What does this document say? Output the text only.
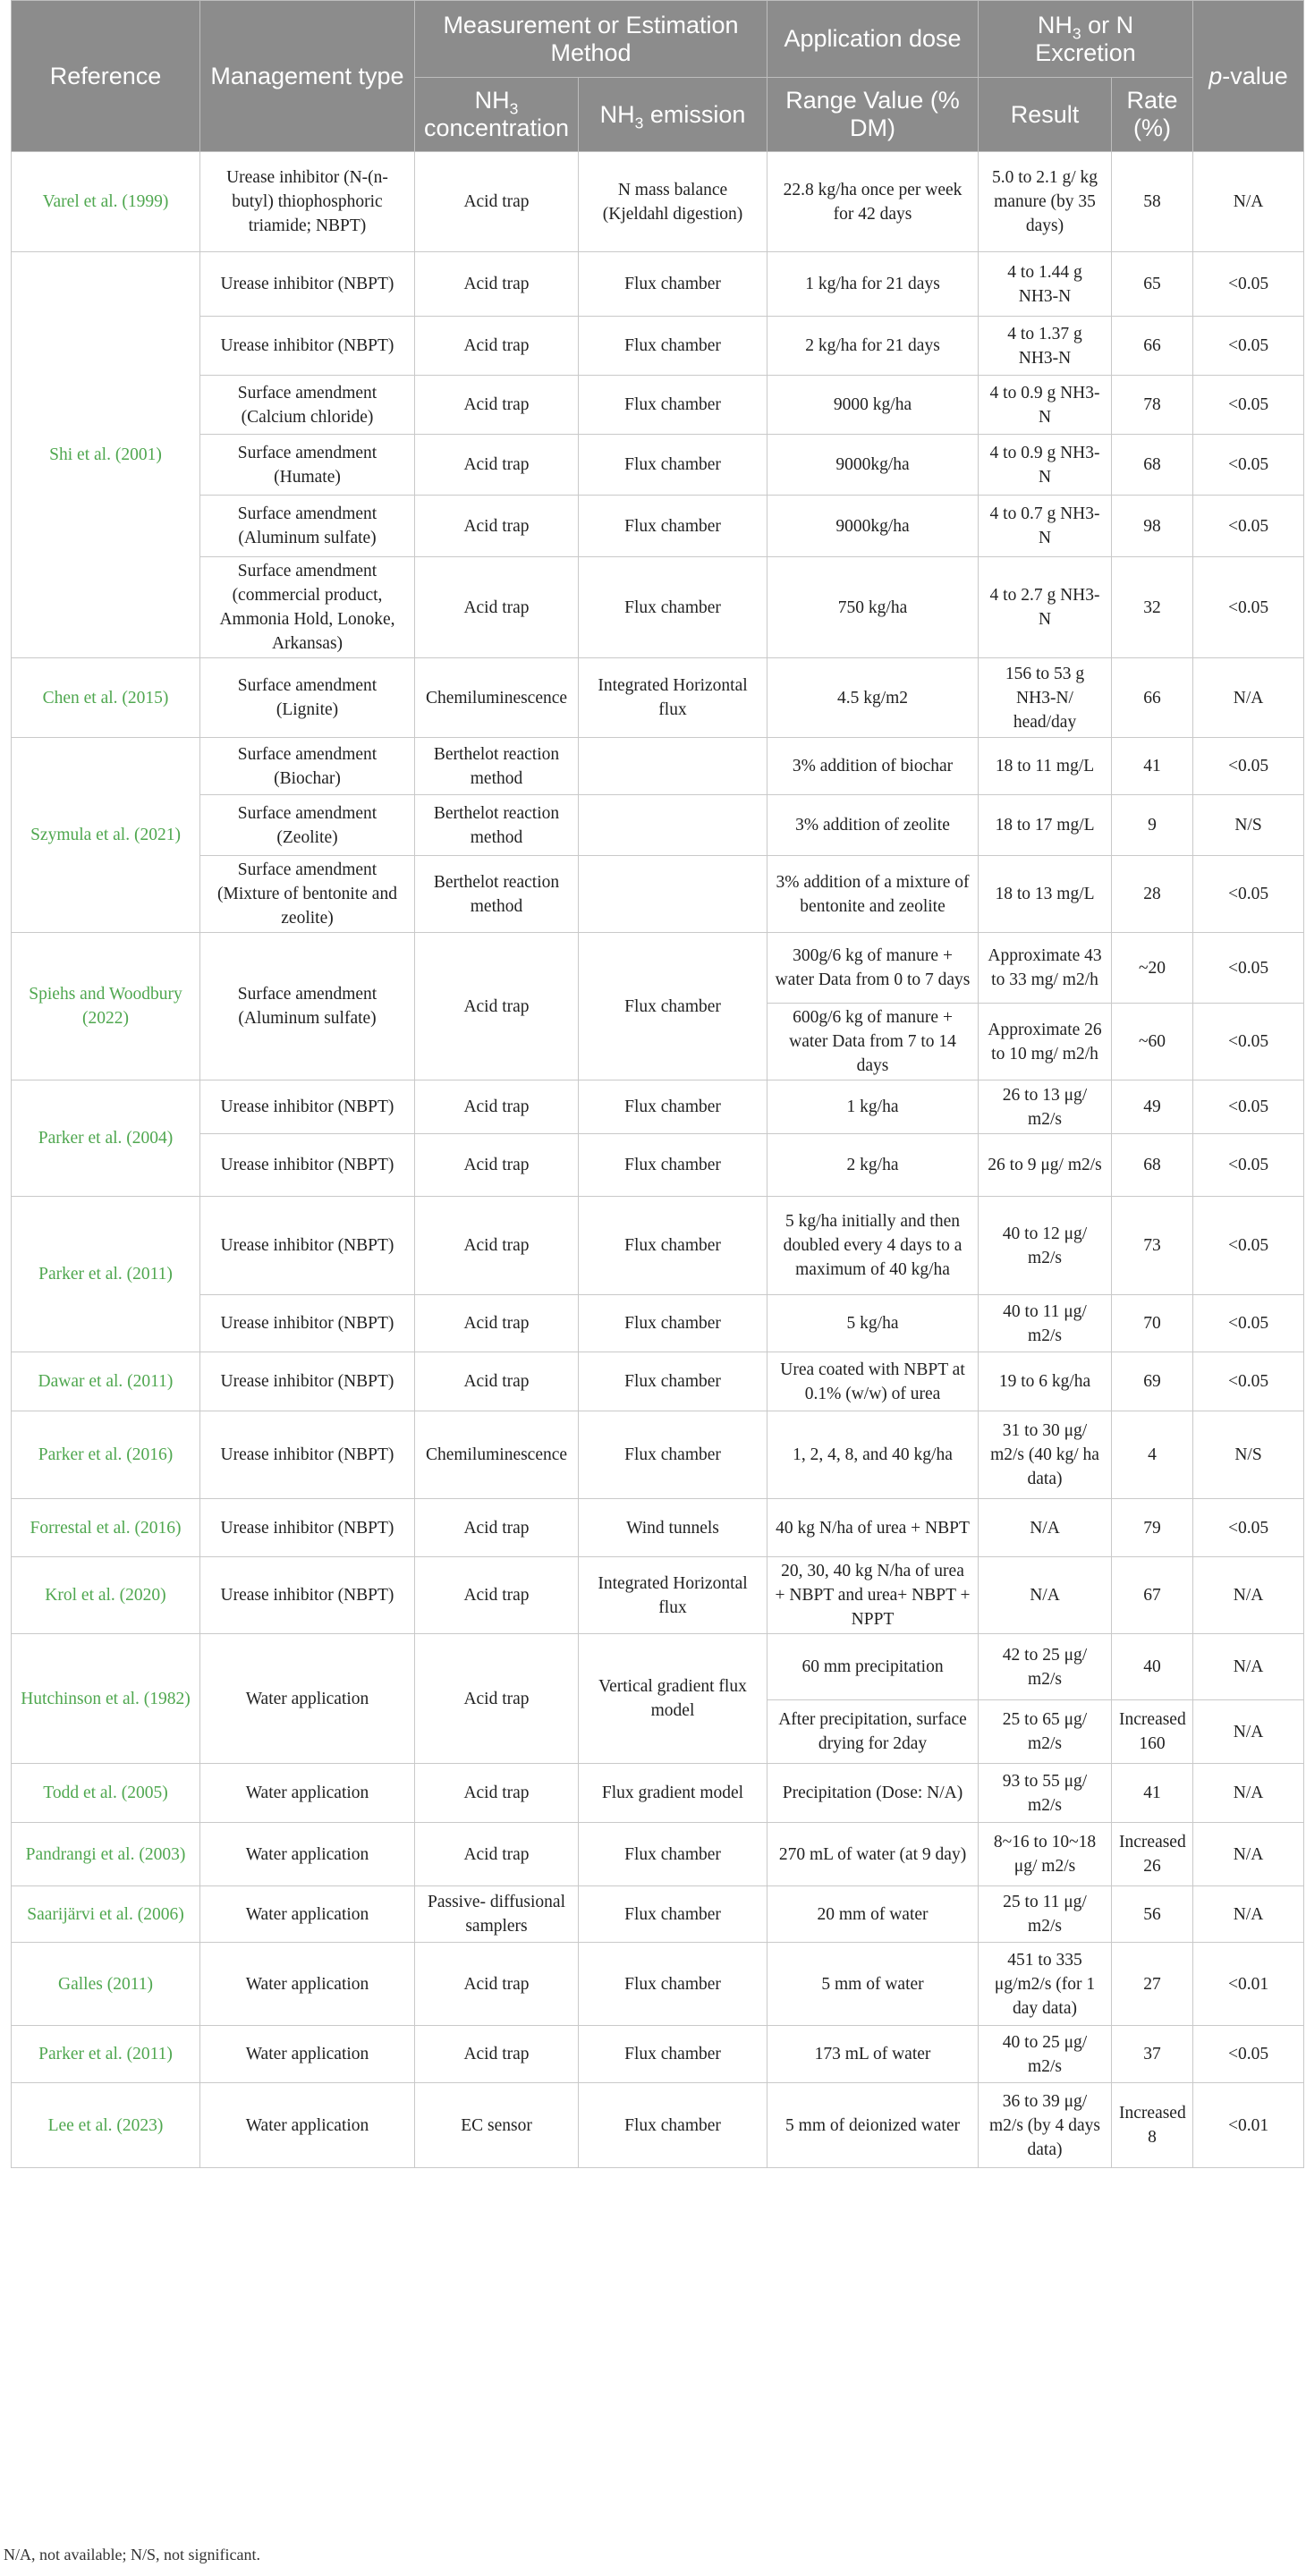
Reference	Management type	Measurement or Estimation Method		Application dose	$NH_3$ or N Excretion		p-value
		$NH_3$ concentration	$NH_3$ emission	Range Value (% DM)	Result	Rate (%)	
Varel et al. (1999)	Urease inhibitor (N-(n-butyl) thiophosphoric triamide; NBPT)	Acid trap	N mass balance (Kjeldahl digestion)	22.8 kg/ha once per week for 42 days	5.0 to 2.1 g/ kg manure (by 35 days)	58	N/A
Shi et al. (2001)	Urease inhibitor (NBPT)	Acid trap	Flux chamber	1 kg/ha for 21 days	4 to 1.44 g NH3-N	65	<0.05
	Urease inhibitor (NBPT)	Acid trap	Flux chamber	2 kg/ha for 21 days	4 to 1.37 g NH3-N	66	<0.05
	Surface amendment (Calcium chloride)	Acid trap	Flux chamber	9000 kg/ha	4 to 0.9 g NH3-N	78	<0.05
	Surface amendment (Humate)	Acid trap	Flux chamber	9000kg/ha	4 to 0.9 g NH3-N	68	<0.05
	Surface amendment (Aluminum sulfate)	Acid trap	Flux chamber	9000kg/ha	4 to 0.7 g NH3-N	98	<0.05
	Surface amendment (commercial product, Ammonia Hold, Lonoke, Arkansas)	Acid trap	Flux chamber	750 kg/ha	4 to 2.7 g NH3-N	32	<0.05
Chen et al. (2015)	Surface amendment (Lignite)	Chemiluminescence	Integrated Horizontal flux	4.5 kg/m2	156 to 53 g NH3-N/ head/day	66	N/A
Szymula et al. (2021)	Surface amendment (Biochar)	Berthelot reaction method		3% addition of biochar	18 to 11 mg/L	41	<0.05
	Surface amendment (Zeolite)	Berthelot reaction method		3% addition of zeolite	18 to 17 mg/L	9	N/S
	Surface amendment (Mixture of bentonite and zeolite)	Berthelot reaction method		3% addition of a mixture of bentonite and zeolite	18 to 13 mg/L	28	<0.05
Spiehs and Woodbury (2022)	Surface amendment (Aluminum sulfate)	Acid trap	Flux chamber	300g/6 kg of manure + water Data from 0 to 7 days	Approximate 43 to 33 mg/ m2/h	~20	<0.05
				600g/6 kg of manure + water Data from 7 to 14 days	Approximate 26 to 10 mg/ m2/h	~60	<0.05
Parker et al. (2004)	Urease inhibitor (NBPT)	Acid trap	Flux chamber	1 kg/ha	26 to 13 μg/ m2/s	49	<0.05
	Urease inhibitor (NBPT)	Acid trap	Flux chamber	2 kg/ha	26 to 9 μg/ m2/s	68	<0.05
Parker et al. (2011)	Urease inhibitor (NBPT)	Acid trap	Flux chamber	5 kg/ha initially and then doubled every 4 days to a maximum of 40 kg/ha	40 to 12 μg/ m2/s	73	<0.05
	Urease inhibitor (NBPT)	Acid trap	Flux chamber	5 kg/ha	40 to 11 μg/ m2/s	70	<0.05
Dawar et al. (2011)	Urease inhibitor (NBPT)	Acid trap	Flux chamber	Urea coated with NBPT at 0.1% (w/w) of urea	19 to 6 kg/ha	69	<0.05
Parker et al. (2016)	Urease inhibitor (NBPT)	Chemiluminescence	Flux chamber	1, 2, 4, 8, and 40 kg/ha	31 to 30 μg/ m2/s (40 kg/ ha data)	4	N/S
Forrestal et al. (2016)	Urease inhibitor (NBPT)	Acid trap	Wind tunnels	40 kg N/ha of urea + NBPT	N/A	79	<0.05
Krol et al. (2020)	Urease inhibitor (NBPT)	Acid trap	Integrated Horizontal flux	20, 30, 40 kg N/ha of urea + NBPT and urea+ NBPT + NPPT	N/A	67	N/A
Hutchinson et al. (1982)	Water application	Acid trap	Vertical gradient flux model	60 mm precipitation	42 to 25 μg/ m2/s	40	N/A
				After precipitation, surface drying for 2day	25 to 65 μg/ m2/s	Increased 160	N/A
Todd et al. (2005)	Water application	Acid trap	Flux gradient model	Precipitation (Dose: N/A)	93 to 55 μg/ m2/s	41	N/A
Pandrangi et al. (2003)	Water application	Acid trap	Flux chamber	270 mL of water (at 9 day)	8~16 to 10~18 μg/ m2/s	Increased 26	N/A
Saarijärvi et al. (2006)	Water application	Passive- diffusional samplers	Flux chamber	20 mm of water	25 to 11 μg/ m2/s	56	N/A
Galles (2011)	Water application	Acid trap	Flux chamber	5 mm of water	451 to 335 μg/m2/s (for 1 day data)	27	<0.01
Parker et al. (2011)	Water application	Acid trap	Flux chamber	173 mL of water	40 to 25 μg/ m2/s	37	<0.05
Lee et al. (2023)	Water application	EC sensor	Flux chamber	5 mm of deionized water	36 to 39 μg/ m2/s (by 4 days data)	Increased 8	<0.01
N/A, not available; N/S, not significant.
